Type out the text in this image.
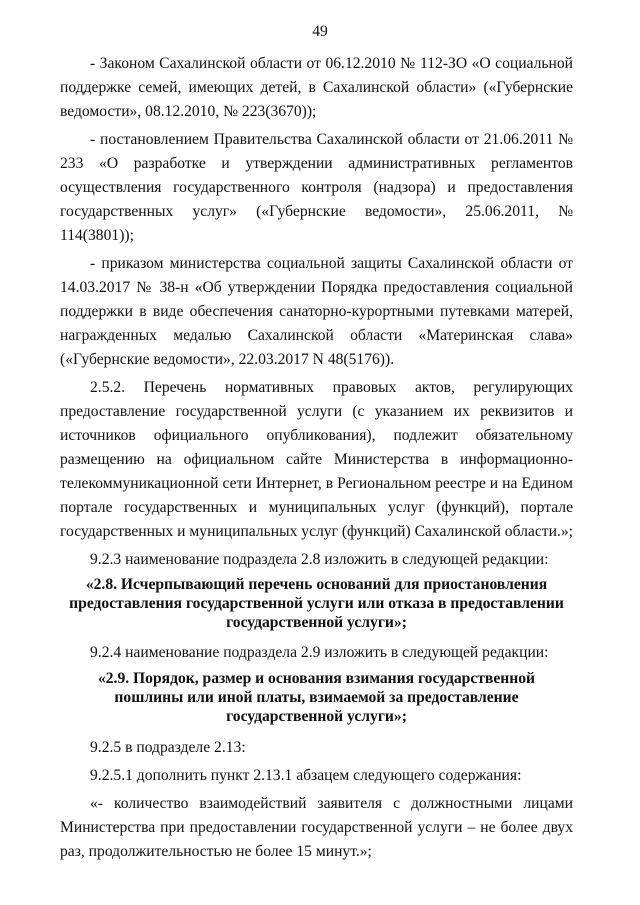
49

- Законом Сахалинской области от 06.12.2010 № 112-ЗО «О социальной поддержке семей, имеющих детей, в Сахалинской области» («Губернские ведомости», 08.12.2010, № 223(3670));

- постановлением Правительства Сахалинской области от 21.06.2011 № 233 «О разработке и утверждении административных регламентов осуществления государственного контроля (надзора) и предоставления государственных услуг» («Губернские ведомости», 25.06.2011, № 114(3801));

- приказом министерства социальной защиты Сахалинской области от 14.03.2017 № 38-н «Об утверждении Порядка предоставления социальной поддержки в виде обеспечения санаторно-курортными путевками матерей, награжденных медалью Сахалинской области «Материнская слава» («Губернские ведомости», 22.03.2017 N 48(5176)).

2.5.2. Перечень нормативных правовых актов, регулирующих предоставление государственной услуги (с указанием их реквизитов и источников официального опубликования), подлежит обязательному размещению на официальном сайте Министерства в информационно-телекоммуникационной сети Интернет, в Региональном реестре и на Едином портале государственных и муниципальных услуг (функций), портале государственных и муниципальных услуг (функций) Сахалинской области.»;

9.2.3 наименование подраздела 2.8 изложить в следующей редакции:

«2.8. Исчерпывающий перечень оснований для приостановления предоставления государственной услуги или отказа в предоставлении государственной услуги»;

9.2.4 наименование подраздела 2.9 изложить в следующей редакции:

«2.9. Порядок, размер и основания взимания государственной пошлины или иной платы, взимаемой за предоставление государственной услуги»;

9.2.5 в подразделе 2.13:

9.2.5.1 дополнить пункт 2.13.1 абзацем следующего содержания:

«- количество взаимодействий заявителя с должностными лицами Министерства при предоставлении государственной услуги – не более двух раз, продолжительностью не более 15 минут.»;
